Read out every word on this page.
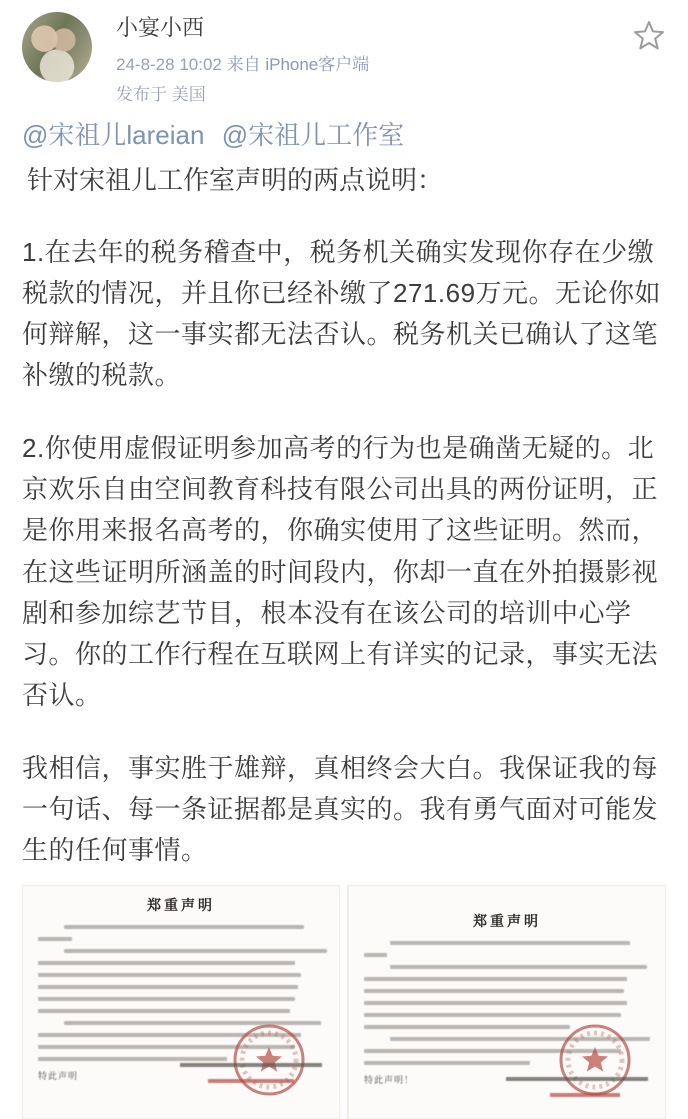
小宴小西
24-8-28 10:02 来自 iPhone客户端
发布于 美国
@宋祖儿lareian @宋祖儿工作室
针对宋祖儿工作室声明的两点说明：

1.在去年的税务稽查中，税务机关确实发现你存在少缴税款的情况，并且你已经补缴了271.69万元。无论你如何辩解，这一事实都无法否认。税务机关已确认了这笔补缴的税款。

2.你使用虚假证明参加高考的行为也是确凿无疑的。北京欢乐自由空间教育科技有限公司出具的两份证明，正是你用来报名高考的，你确实使用了这些证明。然而，在这些证明所涵盖的时间段内，你却一直在外拍摄影视剧和参加综艺节目，根本没有在该公司的培训中心学习。你的工作行程在互联网上有详实的记录，事实无法否认。

我相信，事实胜于雄辩，真相终会大白。我保证我的每一句话、每一条证据都是真实的。我有勇气面对可能发生的任何事情。

郑重声明
特此声明
郑重声明
特此声明！
